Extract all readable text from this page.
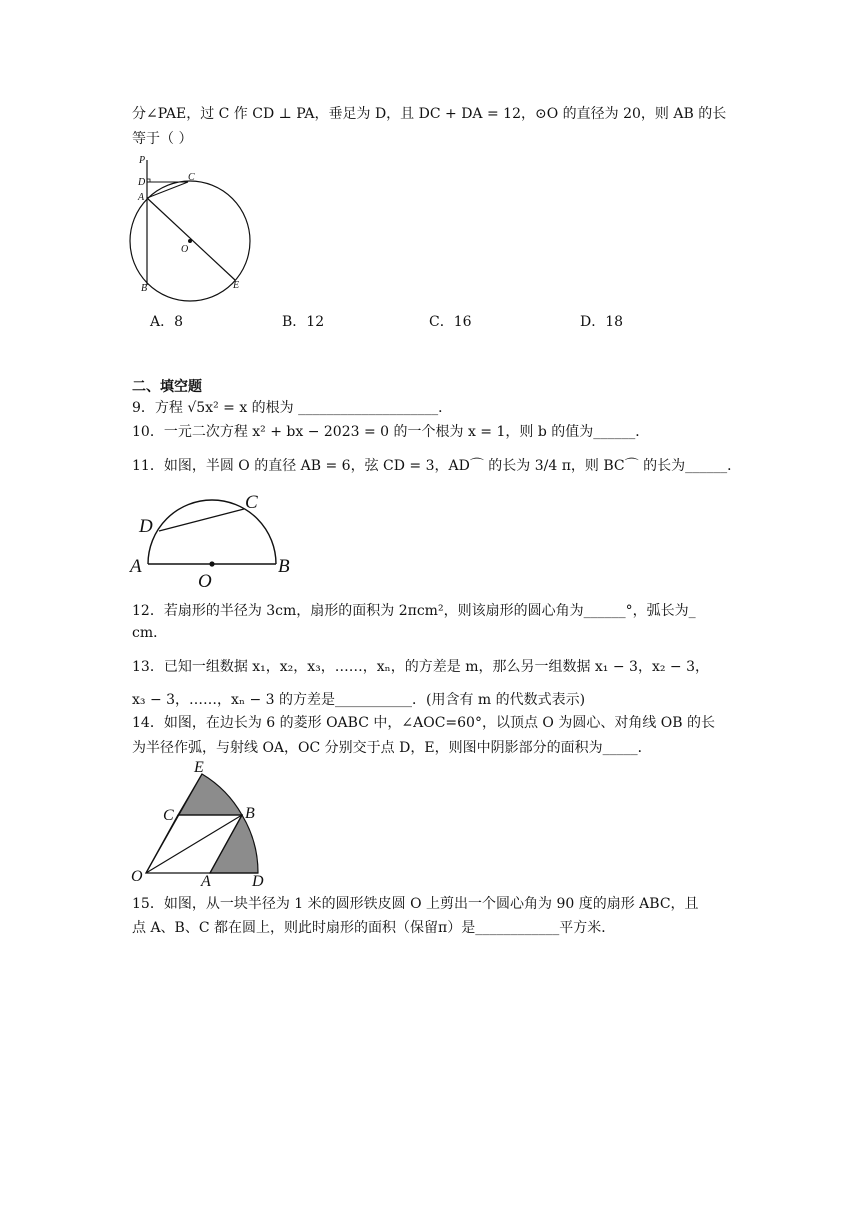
分∠PAE，过 C 作 CD ⊥ PA，垂足为 D，且 DC + DA = 12，⊙O 的直径为 20，则 AB 的长
等于（ ）
P
D	C
A
O
B	E
A．8	B．12	C．16	D．18
二、填空题
9．方程 √5x² = x 的根为 ____________________．
10．一元二次方程 x² + bx − 2023 = 0 的一个根为 x = 1，则 b 的值为______．
11．如图，半圆 O 的直径 AB = 6，弦 CD = 3，AD⌒ 的长为 3/4 π，则 BC⌒ 的长为______．
A	B
C
D
O
12．若扇形的半径为 3cm，扇形的面积为 2πcm²，则该扇形的圆心角为______°，弧长为_
cm．
13．已知一组数据 x₁，x₂，x₃，……，xₙ，的方差是 m，那么另一组数据 x₁ − 3，x₂ − 3，
x₃ − 3，……，xₙ − 3 的方差是___________．(用含有 m 的代数式表示)
14．如图，在边长为 6 的菱形 OABC 中，∠AOC=60°，以顶点 O 为圆心、对角线 OB 的长
为半径作弧，与射线 OA，OC 分别交于点 D，E，则图中阴影部分的面积为_____．
E
C	B
O	A	D
15．如图，从一块半径为 1 米的圆形铁皮圆 O 上剪出一个圆心角为 90 度的扇形 ABC，且
点 A、B、C 都在圆上，则此时扇形的面积（保留π）是____________平方米．
